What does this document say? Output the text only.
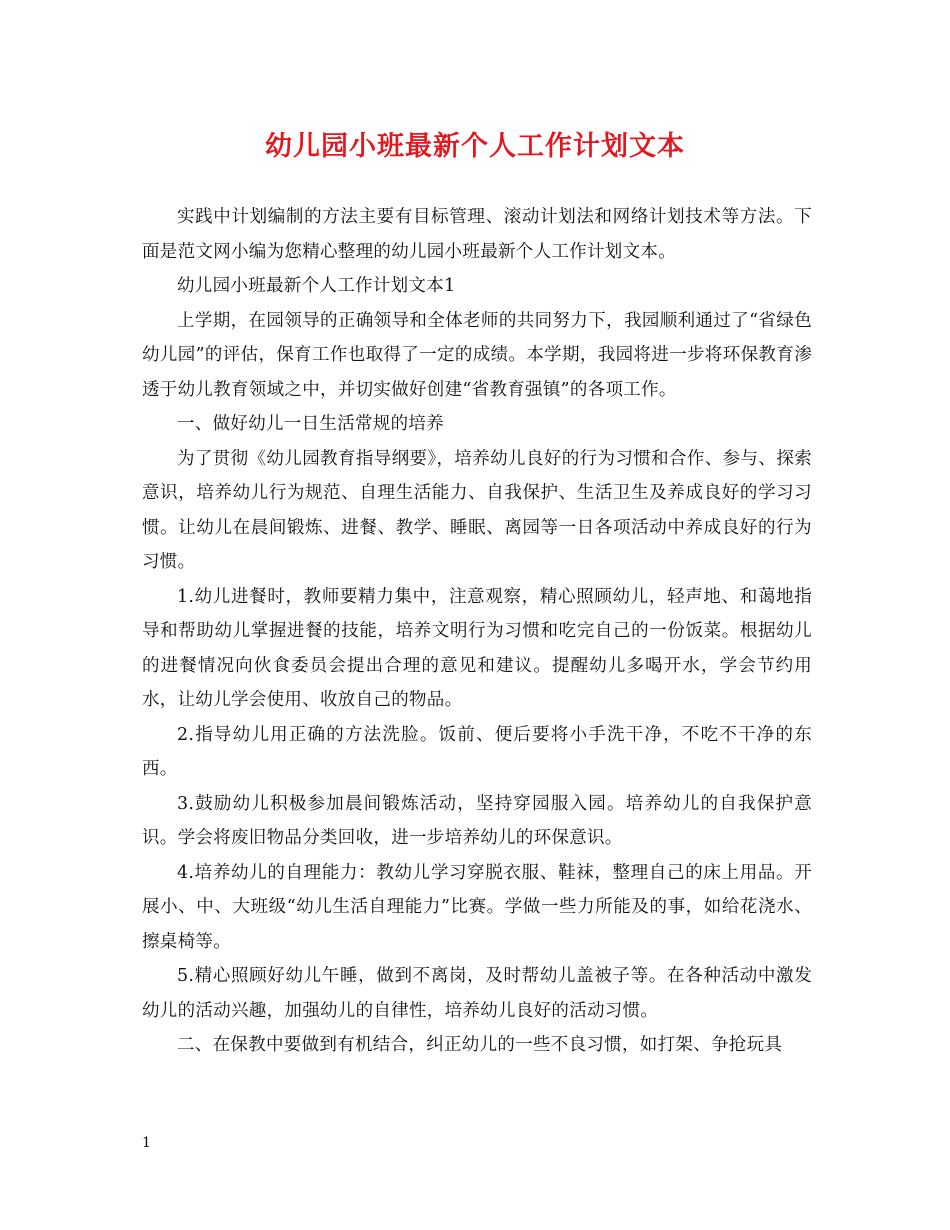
幼儿园小班最新个人工作计划文本

实践中计划编制的方法主要有目标管理、滚动计划法和网络计划技术等方法。下面是范文网小编为您精心整理的幼儿园小班最新个人工作计划文本。

幼儿园小班最新个人工作计划文本1

上学期，在园领导的正确领导和全体老师的共同努力下，我园顺利通过了“省绿色幼儿园”的评估，保育工作也取得了一定的成绩。本学期，我园将进一步将环保教育渗透于幼儿教育领域之中，并切实做好创建“省教育强镇”的各项工作。

一、做好幼儿一日生活常规的培养

为了贯彻《幼儿园教育指导纲要》，培养幼儿良好的行为习惯和合作、参与、探索意识，培养幼儿行为规范、自理生活能力、自我保护、生活卫生及养成良好的学习习惯。让幼儿在晨间锻炼、进餐、教学、睡眠、离园等一日各项活动中养成良好的行为习惯。

1.幼儿进餐时，教师要精力集中，注意观察，精心照顾幼儿，轻声地、和蔼地指导和帮助幼儿掌握进餐的技能，培养文明行为习惯和吃完自己的一份饭菜。根据幼儿的进餐情况向伙食委员会提出合理的意见和建议。提醒幼儿多喝开水，学会节约用水，让幼儿学会使用、收放自己的物品。

2.指导幼儿用正确的方法洗脸。饭前、便后要将小手洗干净，不吃不干净的东西。

3.鼓励幼儿积极参加晨间锻炼活动，坚持穿园服入园。培养幼儿的自我保护意识。学会将废旧物品分类回收，进一步培养幼儿的环保意识。

4.培养幼儿的自理能力：教幼儿学习穿脱衣服、鞋袜，整理自己的床上用品。开展小、中、大班级“幼儿生活自理能力”比赛。学做一些力所能及的事，如给花浇水、擦桌椅等。

5.精心照顾好幼儿午睡，做到不离岗，及时帮幼儿盖被子等。在各种活动中激发幼儿的活动兴趣，加强幼儿的自律性，培养幼儿良好的活动习惯。

二、在保教中要做到有机结合，纠正幼儿的一些不良习惯，如打架、争抢玩具

1
